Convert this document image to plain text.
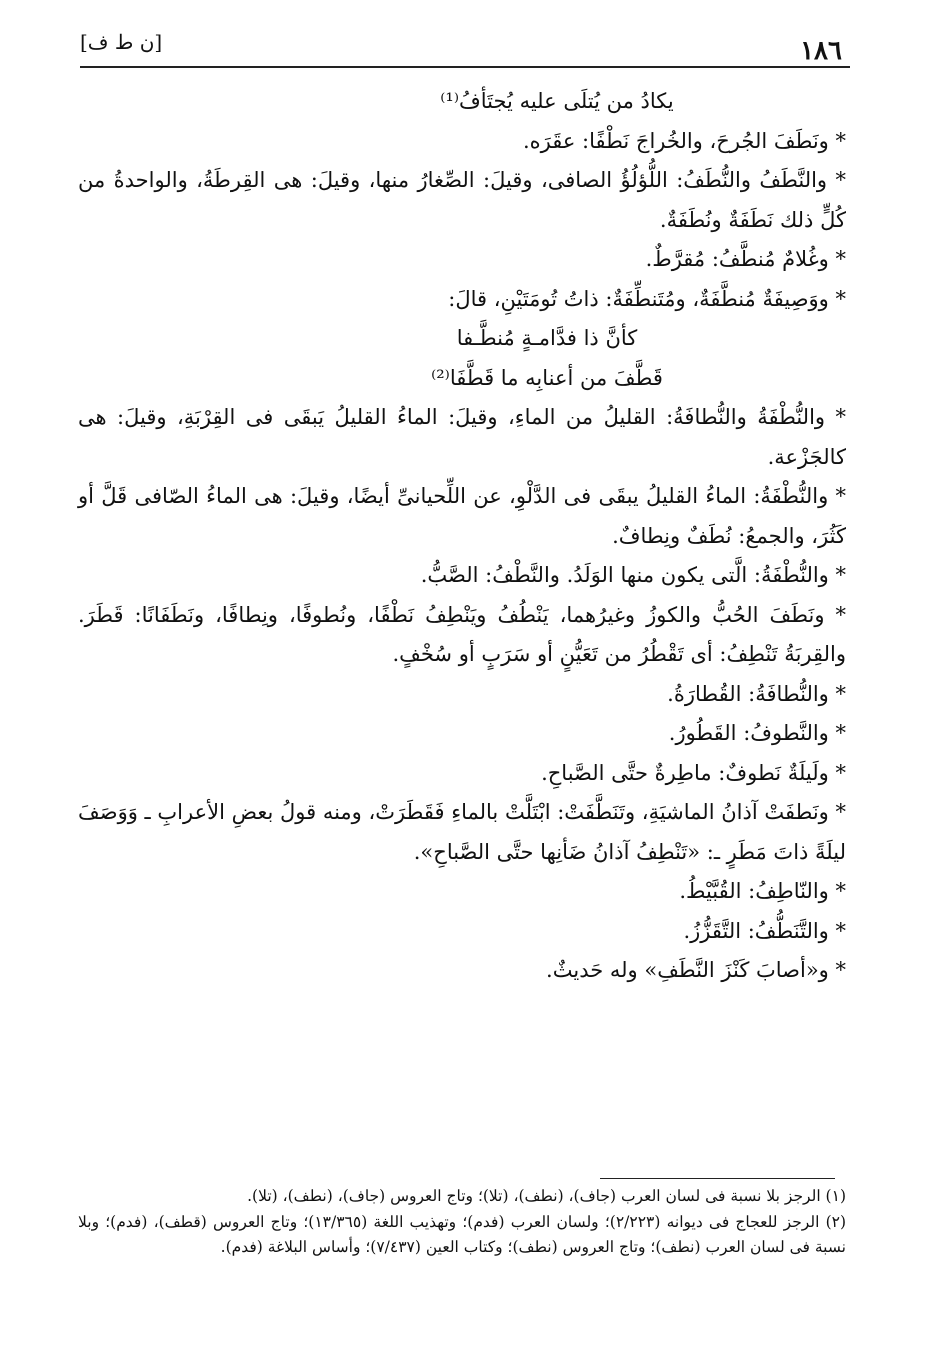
١٨٦
[ن ط ف]

يكادُ من يُتلَى عليه يُجتَأفُ⁽¹⁾

* ونَطَفَ الجُرحَ، والخُراجَ نَطْفًا: عقَرَه.

* والنَّطَفُ والنُّطَفُ: اللُّؤلُؤُ الصافى، وقيلَ: الصِّغارُ منها، وقيلَ: هى القِرطَةُ، والواحدةُ من كُلٍّ ذلك نَطَفَةٌ ونُطَفَةٌ.

* وغُلامٌ مُنطَّفُ: مُقرَّطٌ.

* ووَصِيفَةٌ مُنطَّفَةٌ، ومُتَنطِّفَةٌ: ذاتُ تُومَتَيْنِ، قالَ:

كأنَّ ذا فدَّامـةٍ مُنطَّـفا

قَطَّفَ من أعنابِه ما قَطَّفَا⁽²⁾

* والنُّطْفَةُ والنُّطافَةُ: القليلُ من الماءِ، وقيلَ: الماءُ القليلُ يَبقَى فى القِرْبَةِ، وقيلَ: هى كالجَزْعة.

* والنُّطْفَةُ: الماءُ القليلُ يبقَى فى الدَّلْوِ، عن اللِّحيانىِّ أيضًا، وقيلَ: هى الماءُ الصّافى قَلَّ أو كَثُرَ، والجمعُ: نُطَفٌ ونِطافٌ.

* والنُّطْفَةُ: الَّتى يكون منها الوَلَدُ. والنَّطْفُ: الصَّبُّ.

* ونَطَفَ الحُبُّ والكوزُ وغيرُهما، يَنْطُفُ ويَنْطِفُ نَطْفًا، ونُطوفًا، ونِطافًا، ونَطَفَانًا: قَطَرَ. والقِربَةُ تَنْطِفُ: أى تَقْطُرُ من تَعَيُّنٍ أو سَرَبٍ أو سُخْفٍ.

* والنُّطافَةُ: القُطارَةُ.

* والنَّطوفُ: القَطُورُ.

* ولَيلَةٌ نَطوفٌ: ماطِرةٌ حتَّى الصَّباحِ.

* ونَطفَتْ آذانُ الماشيَةِ، وتَنَطَّفَتْ: ابْتَلَّتْ بالماءِ فَقَطَرَتْ، ومنه قولُ بعضِ الأعرابِ ـ وَوَصَفَ ليلَةً ذاتَ مَطَرٍ ـ: «تَنْطِفُ آذانُ ضَأنِها حتَّى الصَّباحِ».

* والنّاطِفُ: القُبَّيْطُ.

* والتَّنَطُّفُ: التَّقَزُّزُ.

* و«أصابَ كَنْزَ النَّطَفِ» وله حَديثٌ.

(١) الرجز بلا نسبة فى لسان العرب (جاف)، (نطف)، (تلا)؛ وتاج العروس (جاف)، (نطف)، (تلا).

(٢) الرجز للعجاج فى ديوانه (٢/٢٢٣)؛ ولسان العرب (فدم)؛ وتهذيب اللغة (١٣/٣٦٥)؛ وتاج العروس (قطف)، (فدم)؛ وبلا نسبة فى لسان العرب (نطف)؛ وتاج العروس (نطف)؛ وكتاب العين (٧/٤٣٧)؛ وأساس البلاغة (فدم).
